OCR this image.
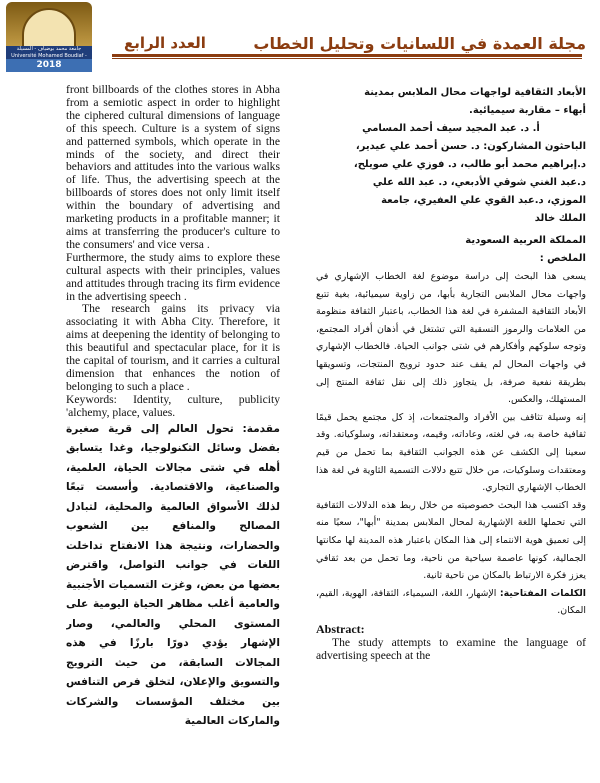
جامعة محمد بوضياف - المسيلة Université Mohamed Boudiaf -
2018
مجلة العمدة في اللسانيات وتحليل الخطاب
العدد الرابع

front billboards of the clothes stores in Abha from a semiotic aspect in order to highlight the ciphered cultural dimensions of language of this speech. Culture is a system of signs and patterned symbols, which operate in the minds of the society, and direct their behaviors and attitudes into the various walks of life. Thus, the advertising speech at the billboards of stores does not only limit itself within the boundary of advertising and marketing products in a profitable manner; it aims at transferring the producer's culture to the consumers' and vice versa .

Furthermore, the study aims to explore these cultural aspects with their principles, values and attitudes through tracing its firm evidence in the advertising speech .

The research gains its privacy via associating it with Abha City. Therefore, it aims at deepening the identity of belonging to this beautiful and spectacular place, for it is the capital of tourism, and it carries a cultural dimension that enhances the notion of belonging to such a place .

Keywords: Identity, culture, publicity 'alchemy, place, values.

مقدمة: تحول العالم إلى قرية صغيرة بفضل وسائل التكنولوجيا، وغدا يتسابق أهله في شتى مجالات الحياة، العلمية، والصناعية، والاقتصادية. وأسست تبعًا لذلك الأسواق العالمية والمحلية، لتبادل المصالح والمنافع بين الشعوب والحضارات، ونتيجة هذا الانفتاح تداخلت اللغات في جوانب التواصل، واقترض بعضها من بعض، وغزت التسميات الأجنبية والعامية أغلب مظاهر الحياة اليومية على المستوى المحلي والعالمي، وصار الإشهار يؤدي دورًا بارزًا في هذه المجالات السابقة، من حيث الترويج والتسويق والإعلان، لتخلق فرص التنافس بين مختلف المؤسسات والشركات والماركات العالمية

الأبعاد الثقافية لواجهات محال الملابس بمدينة

أبهاء – مقاربة سيميائية.

أ. د. عبد المجيد سيف أحمد المسامي

الباحثون المشاركون: د. حسن أحمد علي عيدير،

د.إبراهيم محمد أبو طالب، د. فوزي علي صويلح،

د.عبد الغني شوقي الأدبعي، د. عبد الله علي

الموزي، د.عبد القوي علي العفيري، جامعة

الملك خالد

المملكة العربية السعودية

الملخص :

يسعى هذا البحث إلى دراسة موضوع لغة الخطاب الإشهاري في واجهات محال الملابس التجارية بأبها، من زاوية سيميائية، بغية تتبع الأبعاد الثقافية المشفرة في لغة هذا الخطاب، باعتبار الثقافة منظومة من العلامات والرموز النسقية التي تشتغل في أذهان أفراد المجتمع، وتوجه سلوكهم وأفكارهم في شتى جوانب الحياة. فالخطاب الإشهاري في واجهات المحال لم يقف عند حدود ترويج المنتجات، وتسويقها بطريقة نفعية صرفة، بل يتجاوز ذلك إلى نقل ثقافة المنتج إلى المستهلك، والعكس.

إنه وسيلة تثاقف بين الأفراد والمجتمعات، إذ كل مجتمع يحمل قيمًا ثقافية خاصة به، في لغته، وعاداته، وقيمه، ومعتقداته، وسلوكياته. وقد سعينا إلى الكشف عن هذه الجوانب الثقافية بما تحمل من قيم ومعتقدات وسلوكيات، من خلال تتبع دلالات التسمية الثاوية في لغة هذا الخطاب الإشهاري التجاري.

وقد اكتسب هذا البحث خصوصيته من خلال ربط هذه الدلالات الثقافية التي تحملها اللغة الإشهارية لمحال الملابس بمدينة "أبها"، سعيًا منه إلى تعميق هوية الانتماء إلى هذا المكان باعتبار هذه المدينة لها مكانتها الجمالية، كونها عاصمة سياحية من ناحية، وما تحمل من بعد ثقافي يعزز فكرة الارتباط بالمكان من ناحية ثانية.

الكلمات المفتاحية: الإشهار، اللغة، السيمياء، الثقافة، الهوية، القيم، المكان.

Abstract:

The study attempts to examine the language of advertising speech at the
